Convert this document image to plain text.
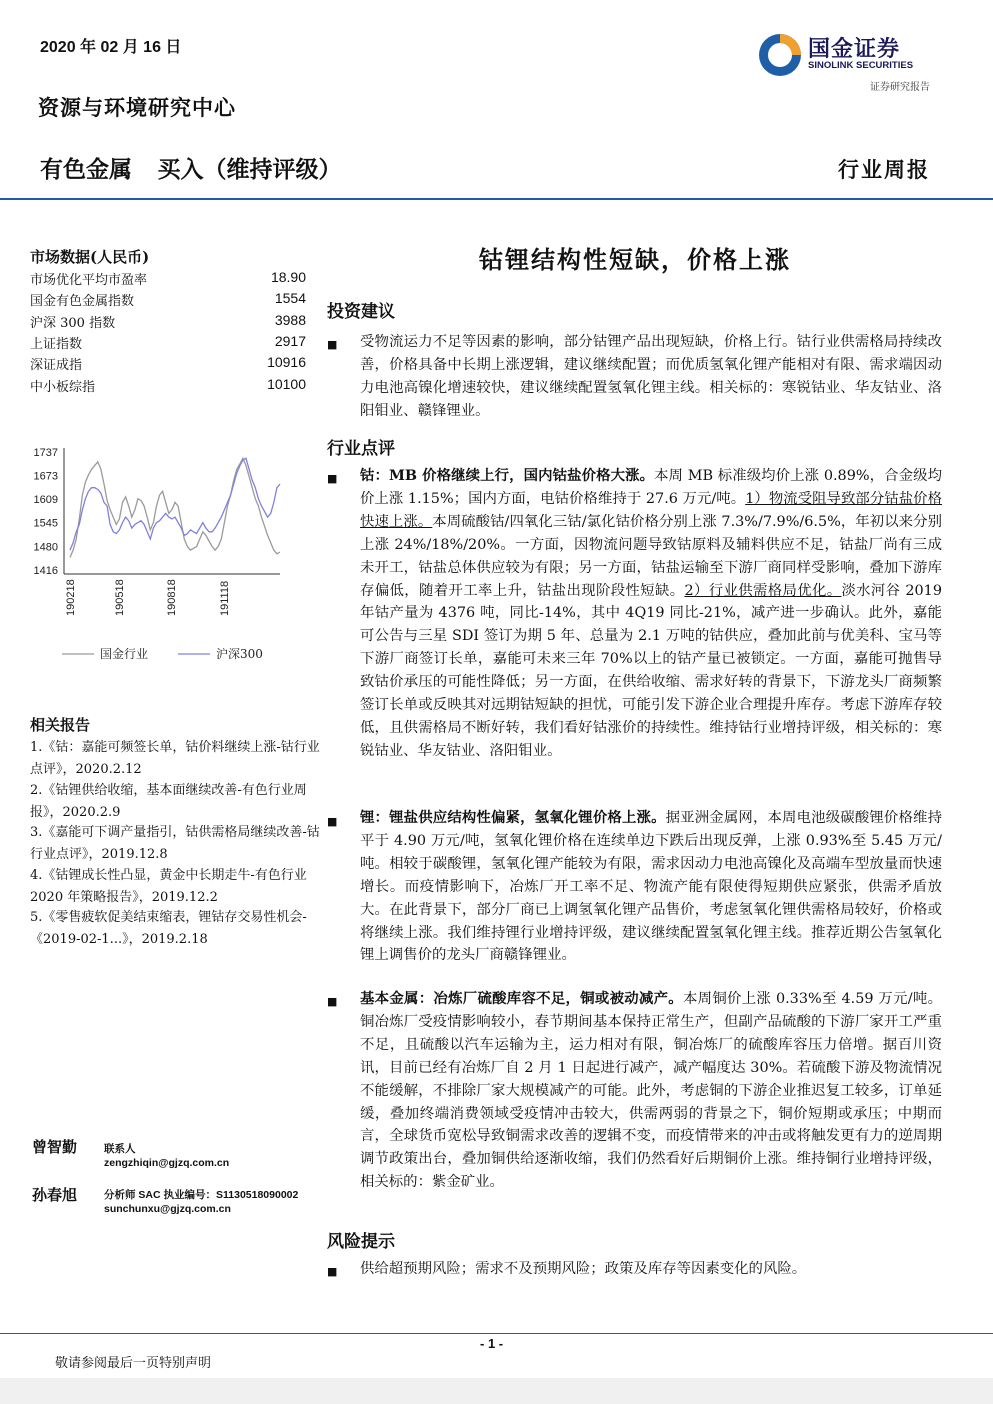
2020 年 02 月 16 日	国金证券
SINOLINK SECURITIES
证券研究报告
资源与环境研究中心
有色金属    买入（维持评级）	行业周报
市场数据(人民币)
市场优化平均市盈率	18.90
国金有色金属指数	1554
沪深 300 指数	3988
上证指数	2917
深证成指	10916
中小板综指	10100
1737
1673
1609
1545
1480
1416
190218	190518	190818	191118
国金行业	沪深300
相关报告
1.《钴：嘉能可频签长单，钴价料继续上涨-钴行业点评》，2020.2.12
2.《钴锂供给收缩，基本面继续改善-有色行业周报》，2020.2.9
3.《嘉能可下调产量指引，钴供需格局继续改善-钴行业点评》，2019.12.8
4.《钴锂成长性凸显，黄金中长期走牛-有色行业 2020 年策略报告》，2019.12.2
5.《零售疲软促美结束缩表，锂钴存交易性机会-《2019-02-1...》，2019.2.18
曾智勤	联系人
zengzhiqin@gjzq.com.cn
孙春旭	分析师 SAC 执业编号：S1130518090002
sunchunxu@gjzq.com.cn
钴锂结构性短缺，价格上涨
投资建议
■ 受物流运力不足等因素的影响，部分钴锂产品出现短缺，价格上行。钴行业供需格局持续改善，价格具备中长期上涨逻辑，建议继续配置；而优质氢氧化锂产能相对有限、需求端因动力电池高镍化增速较快，建议继续配置氢氧化锂主线。相关标的：寒锐钴业、华友钴业、洛阳钼业、赣锋锂业。
行业点评
■ 钴：MB 价格继续上行，国内钴盐价格大涨。本周 MB 标准级均价上涨 0.89%，合金级均价上涨 1.15%；国内方面，电钴价格维持于 27.6 万元/吨。1）物流受阻导致部分钴盐价格快速上涨。本周硫酸钴/四氧化三钴/氯化钴价格分别上涨 7.3%/7.9%/6.5%，年初以来分别上涨 24%/18%/20%。一方面，因物流问题导致钴原料及辅料供应不足，钴盐厂尚有三成未开工，钴盐总体供应较为有限；另一方面，钴盐运输至下游厂商同样受影响，叠加下游库存偏低，随着开工率上升，钴盐出现阶段性短缺。2）行业供需格局优化。淡水河谷 2019 年钴产量为 4376 吨，同比-14%，其中 4Q19 同比-21%，减产进一步确认。此外，嘉能可公告与三星 SDI 签订为期 5 年、总量为 2.1 万吨的钴供应，叠加此前与优美科、宝马等下游厂商签订长单，嘉能可未来三年 70%以上的钴产量已被锁定。一方面，嘉能可抛售导致钴价承压的可能性降低；另一方面，在供给收缩、需求好转的背景下，下游龙头厂商频繁签订长单或反映其对远期钴短缺的担忧，可能引发下游企业合理提升库存。考虑下游库存较低，且供需格局不断好转，我们看好钴涨价的持续性。维持钴行业增持评级，相关标的：寒锐钴业、华友钴业、洛阳钼业。
■ 锂：锂盐供应结构性偏紧，氢氧化锂价格上涨。据亚洲金属网，本周电池级碳酸锂价格维持平于 4.90 万元/吨，氢氧化锂价格在连续单边下跌后出现反弹，上涨 0.93%至 5.45 万元/吨。相较于碳酸锂，氢氧化锂产能较为有限，需求因动力电池高镍化及高端车型放量而快速增长。而疫情影响下，冶炼厂开工率不足、物流产能有限使得短期供应紧张，供需矛盾放大。在此背景下，部分厂商已上调氢氧化锂产品售价，考虑氢氧化锂供需格局较好，价格或将继续上涨。我们维持锂行业增持评级，建议继续配置氢氧化锂主线。推荐近期公告氢氧化锂上调售价的龙头厂商赣锋锂业。
■ 基本金属：冶炼厂硫酸库容不足，铜或被动减产。本周铜价上涨 0.33%至 4.59 万元/吨。铜冶炼厂受疫情影响较小，春节期间基本保持正常生产，但副产品硫酸的下游厂家开工严重不足，且硫酸以汽车运输为主，运力相对有限，铜冶炼厂的硫酸库容压力倍增。据百川资讯，目前已经有冶炼厂自 2 月 1 日起进行减产，减产幅度达 30%。若硫酸下游及物流情况不能缓解，不排除厂家大规模减产的可能。此外，考虑铜的下游企业推迟复工较多，订单延缓，叠加终端消费领域受疫情冲击较大，供需两弱的背景之下，铜价短期或承压；中期而言，全球货币宽松导致铜需求改善的逻辑不变，而疫情带来的冲击或将触发更有力的逆周期调节政策出台，叠加铜供给逐渐收缩，我们仍然看好后期铜价上涨。维持铜行业增持评级，相关标的：紫金矿业。
风险提示
■ 供给超预期风险；需求不及预期风险；政策及库存等因素变化的风险。
- 1 -
敬请参阅最后一页特别声明
